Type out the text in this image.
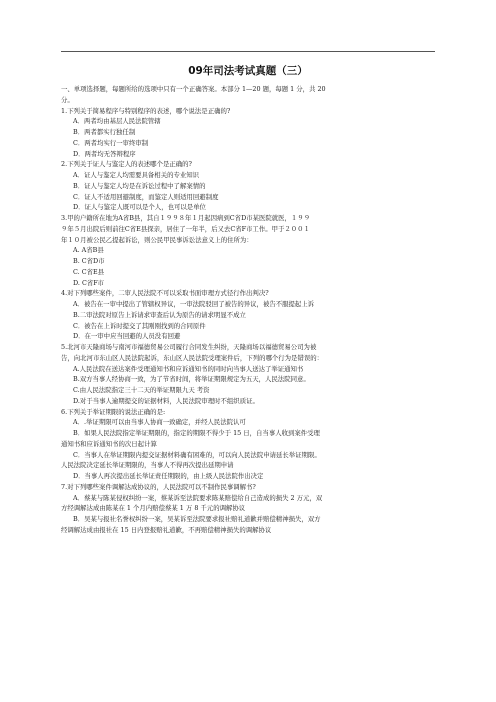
09年司法考试真题（三）
一、单项选择题，每题所给的选项中只有一个正确答案。本部分 1—20 题，每题 1 分，共 20
分。
1.下列关于简易程序与特别程序的表述，哪个说法是正确的?
A．两者均由基层人民法院管辖
B．两者都实行独任制
C．两者均实行一审终审制
D．两者均无答辩程序
2.下列关于证人与鉴定人的表述哪个是正确的?
A．证人与鉴定人均需要具备相关的专业知识
B．证人与鉴定人均是在诉讼过程中了解案情的
C．证人不适用回避制度，而鉴定人则适用回避制度
D．证人与鉴定人既可以是个人，也可以是单位
3.甲的户籍所在地为A省B县，其自１９９８年１月起因病到C省D市某医院就医，１９９
９年５月出院后则前往C省E县探亲，居住了一年半，后又去C省F市工作。甲于２００１
年１０月被公民乙提起诉讼，则公民甲民事诉讼法意义上的住所为：
A. A省B县
B. C省D市
C. C省E县
D. C省F市
4.对下列哪些案件，二审人民法院不可以采取书面审理方式径行作出判决?
A．被告在一审中提出了管辖权异议，一审法院驳回了被告的异议，被告不服提起上诉
B.二审法院对原告上诉请求审查后认为原告的请求明显不成立
C．被告在上诉时提交了其刚刚找到的合同原件
D．在一审中应当回避的人员没有回避
5.北河市天隆商场与南河市福德贸易公司履行合同发生纠纷，天隆商场以福德贸易公司为被
告，向北河市东山区人民法院起诉，东山区人民法院受理案件后，下列的哪个行为是错误的：
A.人民法院在送达案件受理通知书和应诉通知书的同时向当事人送达了举证通知书
B.双方当事人经协商一致，为了节省时间，将举证期限规定为五天，人民法院同意。
C.由人民法院指定三十二天的举证期限九天 考资
D.对于当事人逾期提交的证据材料，人民法院审理时不组织质证。
6.下列关于举证期限的说法正确的是:
A．.举证期限可以由当事人协商一致确定，并经人民法院认可
B．如果人民法院指定举证期限的，指定的期限不得少于 15 日，自当事人收到案件受理
通知书和应诉通知书的次日起计算
C．当事人在举证期限内提交证据材料确有困难的，可以向人民法院申请延长举证期限。
人民法院决定延长举证期限的，当事人不得再次提出延期申请
D．当事人再次提出延长举证责任期限的，由上级人民法院作出决定
7.对下列哪些案件调解达成协议的，人民法院可以不制作民事调解书?
A．蔡某与陈某侵权纠纷一案，蔡某诉至法院要求陈某赔偿给自己造成的损失 2 万元，双
方经调解达成由陈某在 1 个月内赔偿蔡某 1 万 8 千元的调解协议
B．吴某与报社名誉权纠纷一案，吴某诉至法院要求报社赔礼道歉并赔偿精神损失，双方
经调解达成由报社在 15 日内登报赔礼道歉，不再赔偿精神损失的调解协议
